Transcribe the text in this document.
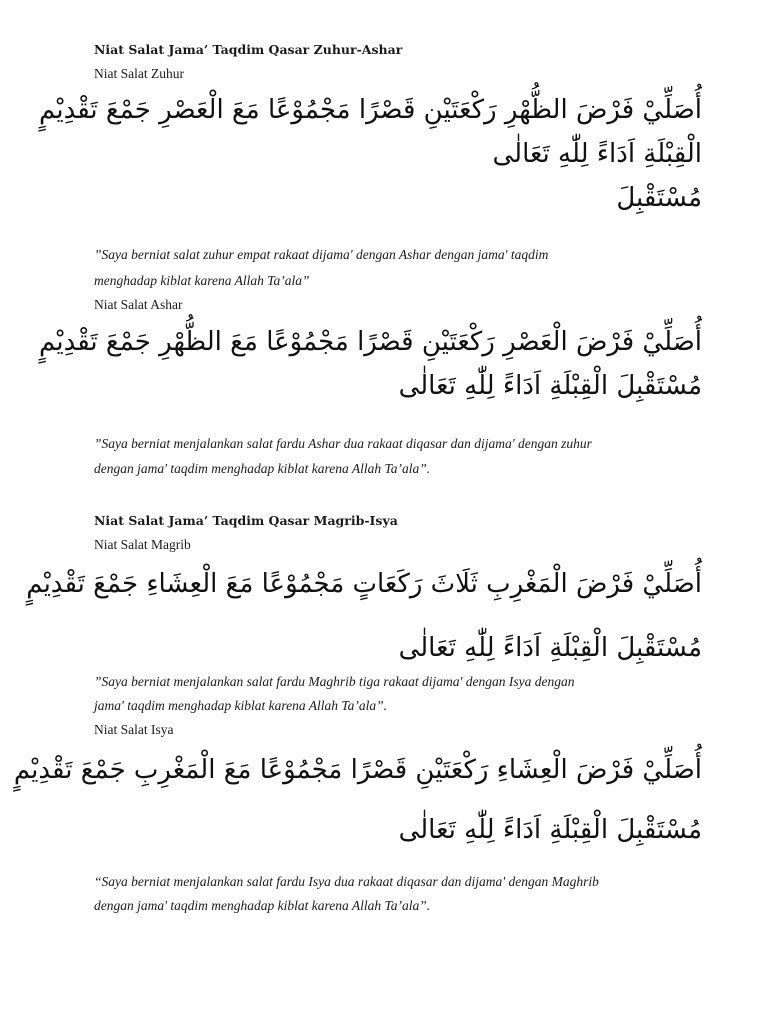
Niat Salat Jama’ Taqdim Qasar Zuhur-Ashar
Niat Salat Zuhur
أُصَلِّيْ فَرْضَ الظُّهْرِ رَكْعَتَيْنِ قَصْرًا مَجْمُوْعًا مَعَ الْعَصْرِ جَمْعَ تَقْدِيْمٍ
الْقِبْلَةِ اَدَاءً لِلّٰهِ تَعَالٰى
مُسْتَقْبِلَ
”Saya berniat salat zuhur empat rakaat dijama' dengan Ashar dengan jama' taqdim
menghadap kiblat karena Allah Ta’ala”
Niat Salat Ashar
أُصَلِّيْ فَرْضَ الْعَصْرِ رَكْعَتَيْنِ قَصْرًا مَجْمُوْعًا مَعَ الظُّهْرِ جَمْعَ تَقْدِيْمٍ
مُسْتَقْبِلَ الْقِبْلَةِ اَدَاءً لِلّٰهِ تَعَالٰى
”Saya berniat menjalankan salat fardu Ashar dua rakaat diqasar dan dijama' dengan zuhur
dengan jama' taqdim menghadap kiblat karena Allah Ta’ala”.
Niat Salat Jama’ Taqdim Qasar Magrib-Isya
Niat Salat Magrib
أُصَلِّيْ فَرْضَ الْمَغْرِبِ ثَلَاثَ رَكَعَاتٍ مَجْمُوْعًا مَعَ الْعِشَاءِ جَمْعَ تَقْدِيْمٍ
مُسْتَقْبِلَ الْقِبْلَةِ اَدَاءً لِلّٰهِ تَعَالٰى
”Saya berniat menjalankan salat fardu Maghrib tiga rakaat dijama' dengan Isya dengan
jama' taqdim menghadap kiblat karena Allah Ta’ala”.
Niat Salat Isya
أُصَلِّيْ فَرْضَ الْعِشَاءِ رَكْعَتَيْنِ قَصْرًا مَجْمُوْعًا مَعَ الْمَغْرِبِ جَمْعَ تَقْدِيْمٍ
مُسْتَقْبِلَ الْقِبْلَةِ اَدَاءً لِلّٰهِ تَعَالٰى
“Saya berniat menjalankan salat fardu Isya dua rakaat diqasar dan dijama' dengan Maghrib
dengan jama' taqdim menghadap kiblat karena Allah Ta’ala”.
